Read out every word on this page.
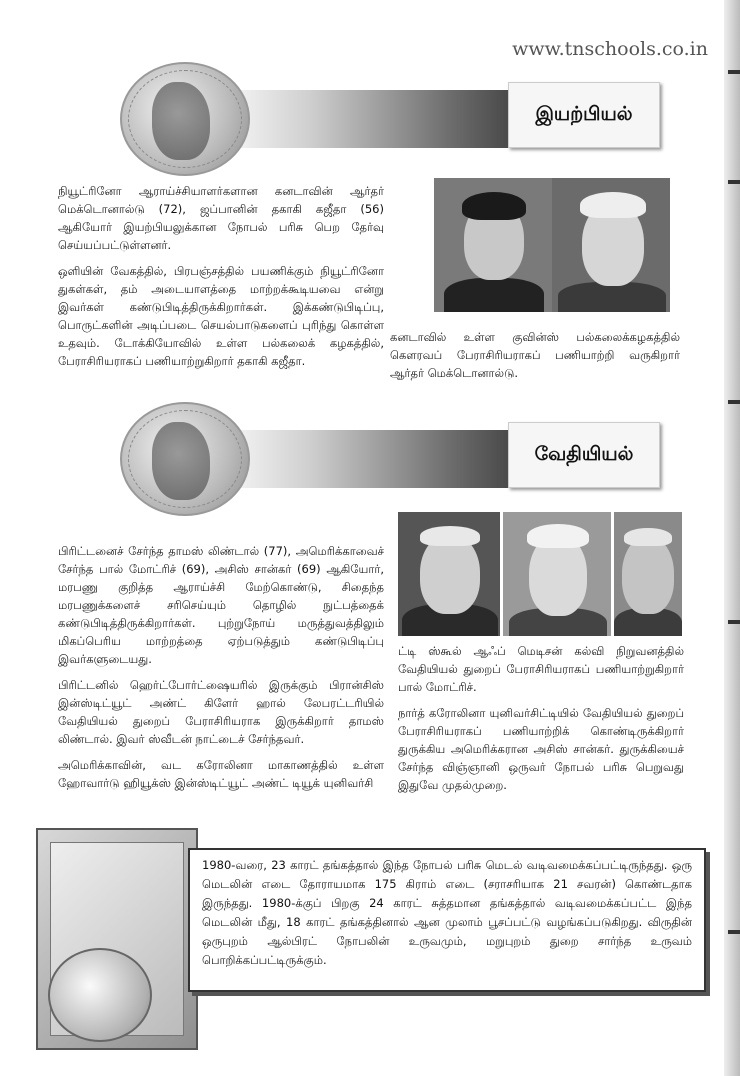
www.tnschools.co.in
இயற்பியல்

நியூட்ரினோ ஆராய்ச்சியாளர்களான கனடாவின் ஆர்தர் மெக்டொனால்டு (72), ஜப்பானின் தகாகி கஜீதா (56) ஆகியோர் இயற்பியலுக்கான நோபல் பரிசு பெற தேர்வு செய்யப்பட்டுள்ளனர்.

ஒளியின் வேகத்தில், பிரபஞ்சத்தில் பயணிக்கும் நியூட்ரினோ துகள்கள், தம் அடையாளத்தை மாற்றக்கூடியவை என்று இவர்கள் கண்டுபிடித்திருக்கிறார்கள். இக்கண்டுபிடிப்பு, பொருட்களின் அடிப்படை செயல்பாடுகளைப் புரிந்து கொள்ள உதவும். டோக்கியோவில் உள்ள பல்கலைக் கழகத்தில், பேராசிரியராகப் பணியாற்றுகிறார் தகாகி கஜீதா.

கனடாவில் உள்ள குவின்ஸ் பல்கலைக்கழகத்தில் கௌரவப் பேராசிரியராகப் பணியாற்றி வருகிறார் ஆர்தர் மெக்டொனால்டு.

வேதியியல்

பிரிட்டனைச் சேர்ந்த தாமஸ் லிண்டால் (77), அமெரிக்காவைச் சேர்ந்த பால் மோட்ரிச் (69), அசிஸ் சான்கர் (69) ஆகியோர், மரபணு குறித்த ஆராய்ச்சி மேற்கொண்டு, சிதைந்த மரபணுக்களைச் சரிசெய்யும் தொழில் நுட்பத்தைக் கண்டுபிடித்திருக்கிறார்கள். புற்றுநோய் மருத்துவத்திலும் மிகப்பெரிய மாற்றத்தை ஏற்படுத்தும் கண்டுபிடிப்பு இவர்களுடையது.

பிரிட்டனில் ஹெர்ட்போர்ட்ஷையரில் இருக்கும் பிரான்சிஸ் இன்ஸ்டிட்யூட் அண்ட் கிளேர் ஹால் லேபரட்டரியில் வேதியியல் துறைப் பேராசிரியராக இருக்கிறார் தாமஸ் லிண்டால். இவர் ஸ்வீடன் நாட்டைச் சேர்ந்தவர்.

அமெரிக்காவின், வட கரோலினா மாகாணத்தில் உள்ள ஹோவார்டு ஹியூக்ஸ் இன்ஸ்டிட்யூட் அண்ட் டியூக் யுனிவர்சி

ட்டி ஸ்கூல் ஆஃப் மெடிசன் கல்வி நிறுவனத்தில் வேதியியல் துறைப் பேராசிரியராகப் பணியாற்றுகிறார் பால் மோட்ரிச்.

நார்த் கரோலினா யுனிவர்சிட்டியில் வேதியியல் துறைப் பேராசிரியராகப் பணியாற்றிக் கொண்டிருக்கிறார் துருக்கிய அமெரிக்கரான அசிஸ் சான்கர். துருக்கியைச் சேர்ந்த விஞ்ஞானி ஒருவர் நோபல் பரிசு பெறுவது இதுவே முதல்முறை.

1980-வரை, 23 காரட் தங்கத்தால் இந்த நோபல் பரிசு மெடல் வடிவமைக்கப்பட்டிருந்தது. ஒரு மெடலின் எடை தோராயமாக 175 கிராம் எடை (சராசரியாக 21 சவரன்) கொண்டதாக இருந்தது. 1980-க்குப் பிறகு 24 காரட் சுத்தமான தங்கத்தால் வடிவமைக்கப்பட்ட இந்த மெடலின் மீது, 18 காரட் தங்கத்தினால் ஆன முலாம் பூசப்பட்டு வழங்கப்படுகிறது. விருதின் ஒருபுறம் ஆல்பிரட் நோபலின் உருவமும், மறுபுறம் துறை சார்ந்த உருவம் பொறிக்கப்பட்டிருக்கும்.
